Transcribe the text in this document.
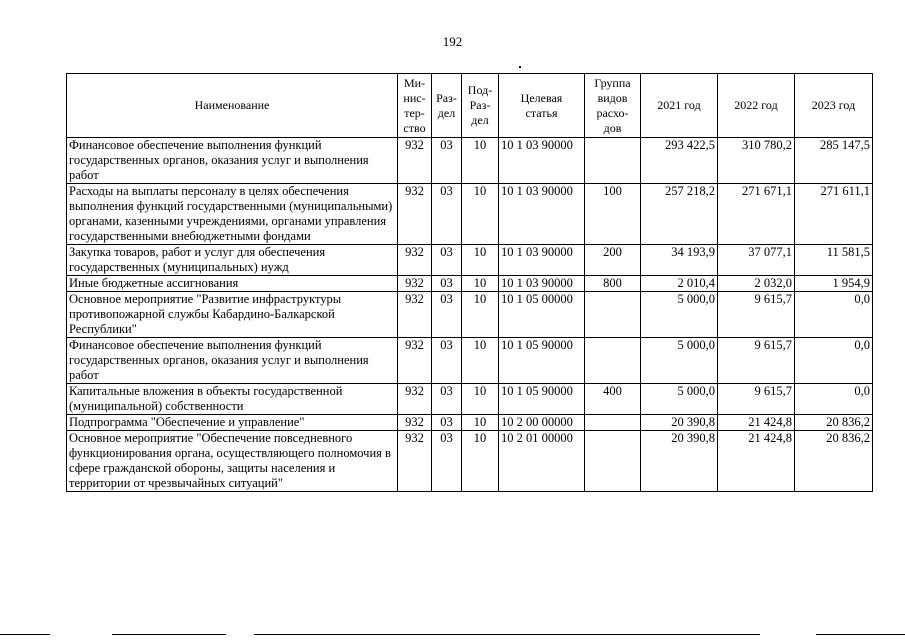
192
Наименование	Ми-
нис-
тер-
ство	Раз-
дел	Под-
Раз-
дел	Целевая
статья	Группа
видов
расхо-
дов	2021 год	2022 год	2023 год
Финансовое обеспечение выполнения функций государственных органов, оказания услуг и выполнения работ	932	03	10	10 1 03 90000		293 422,5	310 780,2	285 147,5
Расходы на выплаты персоналу в целях обеспечения выполнения функций государственными (муниципальными) органами, казенными учреждениями, органами управления государственными внебюджетными фондами	932	03	10	10 1 03 90000	100	257 218,2	271 671,1	271 611,1
Закупка товаров, работ и услуг для обеспечения государственных (муниципальных) нужд	932	03	10	10 1 03 90000	200	34 193,9	37 077,1	11 581,5
Иные бюджетные ассигнования	932	03	10	10 1 03 90000	800	2 010,4	2 032,0	1 954,9
Основное мероприятие "Развитие инфраструктуры противопожарной службы Кабардино-Балкарской Республики"	932	03	10	10 1 05 00000		5 000,0	9 615,7	0,0
Финансовое обеспечение выполнения функций государственных органов, оказания услуг и выполнения работ	932	03	10	10 1 05 90000		5 000,0	9 615,7	0,0
Капитальные вложения в объекты государственной (муниципальной) собственности	932	03	10	10 1 05 90000	400	5 000,0	9 615,7	0,0
Подпрограмма "Обеспечение и управление"	932	03	10	10 2 00 00000		20 390,8	21 424,8	20 836,2
Основное мероприятие "Обеспечение повседневного функционирования органа, осуществляющего полномочия в сфере гражданской обороны, защиты населения и территории от чрезвычайных ситуаций"	932	03	10	10 2 01 00000		20 390,8	21 424,8	20 836,2
